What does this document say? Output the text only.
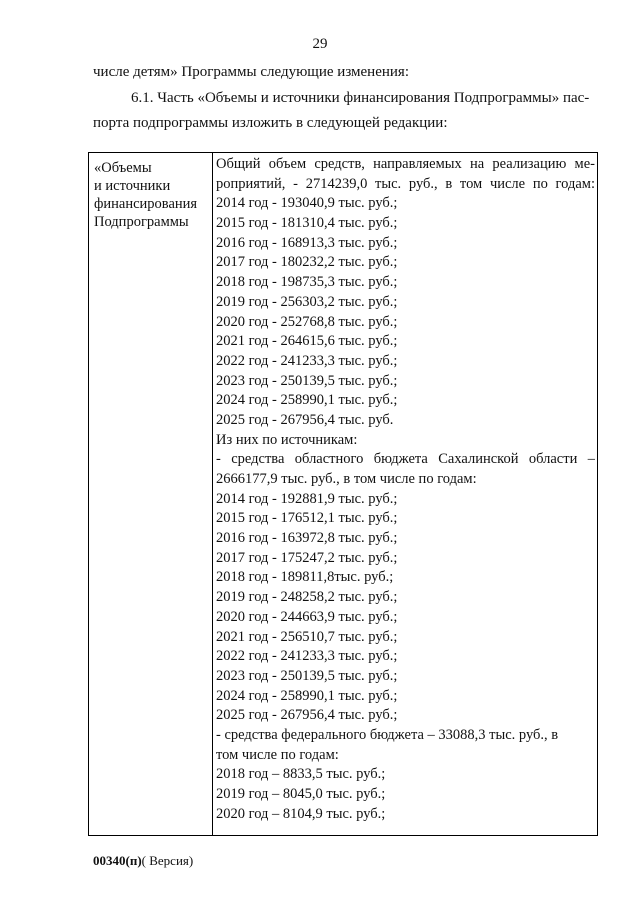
29
числе детям» Программы следующие изменения:
6.1. Часть «Объемы и источники финансирования Подпрограммы» пас-
порта подпрограммы изложить в следующей редакции:
«Объемы
и источники
финансирования
Подпрограммы
Общий объем средств, направляемых на реализацию ме-
роприятий, - 2714239,0 тыс. руб., в том числе по годам:
2014 год - 193040,9 тыс. руб.;
2015 год - 181310,4 тыс. руб.;
2016 год - 168913,3 тыс. руб.;
2017 год - 180232,2 тыс. руб.;
2018 год - 198735,3 тыс. руб.;
2019 год - 256303,2 тыс. руб.;
2020 год - 252768,8 тыс. руб.;
2021 год - 264615,6 тыс. руб.;
2022 год - 241233,3 тыс. руб.;
2023 год - 250139,5 тыс. руб.;
2024 год - 258990,1 тыс. руб.;
2025 год - 267956,4 тыс. руб.
Из них по источникам:
- средства областного бюджета Сахалинской области –
2666177,9 тыс. руб., в том числе по годам:
2014 год - 192881,9 тыс. руб.;
2015 год - 176512,1 тыс. руб.;
2016 год - 163972,8 тыс. руб.;
2017 год - 175247,2 тыс. руб.;
2018 год - 189811,8тыс. руб.;
2019 год - 248258,2 тыс. руб.;
2020 год - 244663,9 тыс. руб.;
2021 год - 256510,7 тыс. руб.;
2022 год - 241233,3 тыс. руб.;
2023 год - 250139,5 тыс. руб.;
2024 год - 258990,1 тыс. руб.;
2025 год - 267956,4 тыс. руб.;
- средства федерального бюджета – 33088,3 тыс. руб., в
том числе по годам:
2018 год – 8833,5 тыс. руб.;
2019 год – 8045,0 тыс. руб.;
2020 год – 8104,9 тыс. руб.;
00340(п)( Версия)
